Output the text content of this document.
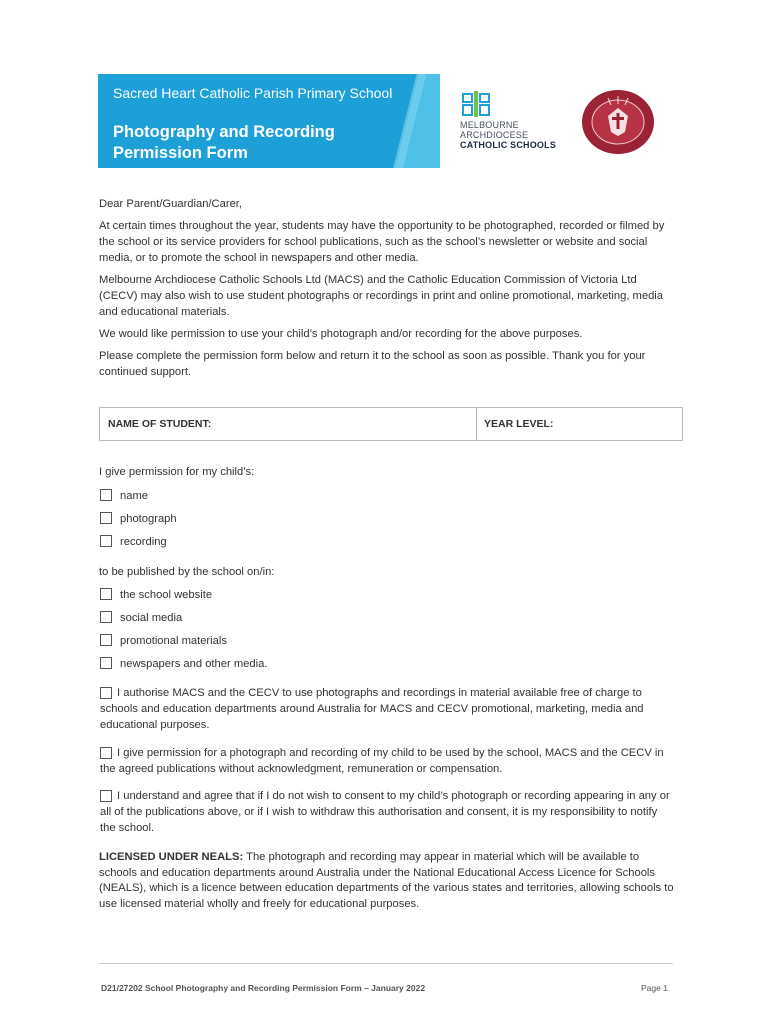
Sacred Heart Catholic Parish Primary School
Photography and Recording Permission Form
MELBOURNE
ARCHDIOCESE
CATHOLIC SCHOOLS
Dear Parent/Guardian/Carer,
At certain times throughout the year, students may have the opportunity to be photographed, recorded or filmed by the school or its service providers for school publications, such as the school’s newsletter or website and social media, or to promote the school in newspapers and other media.
Melbourne Archdiocese Catholic Schools Ltd (MACS) and the Catholic Education Commission of Victoria Ltd (CECV) may also wish to use student photographs or recordings in print and online promotional, marketing, media and educational materials.
We would like permission to use your child’s photograph and/or recording for the above purposes.
Please complete the permission form below and return it to the school as soon as possible. Thank you for your continued support.
NAME OF STUDENT:	YEAR LEVEL:
I give permission for my child’s:
name
photograph
recording
to be published by the school on/in:
the school website
social media
promotional materials
newspapers and other media.
I authorise MACS and the CECV to use photographs and recordings in material available free of charge to schools and education departments around Australia for MACS and CECV promotional, marketing, media and educational purposes.
I give permission for a photograph and recording of my child to be used by the school, MACS and the CECV in the agreed publications without acknowledgment, remuneration or compensation.
I understand and agree that if I do not wish to consent to my child’s photograph or recording appearing in any or all of the publications above, or if I wish to withdraw this authorisation and consent, it is my responsibility to notify the school.
LICENSED UNDER NEALS: The photograph and recording may appear in material which will be available to schools and education departments around Australia under the National Educational Access Licence for Schools (NEALS), which is a licence between education departments of the various states and territories, allowing schools to use licensed material wholly and freely for educational purposes.
D21/27202 School Photography and Recording Permission Form – January 2022	Page 1
